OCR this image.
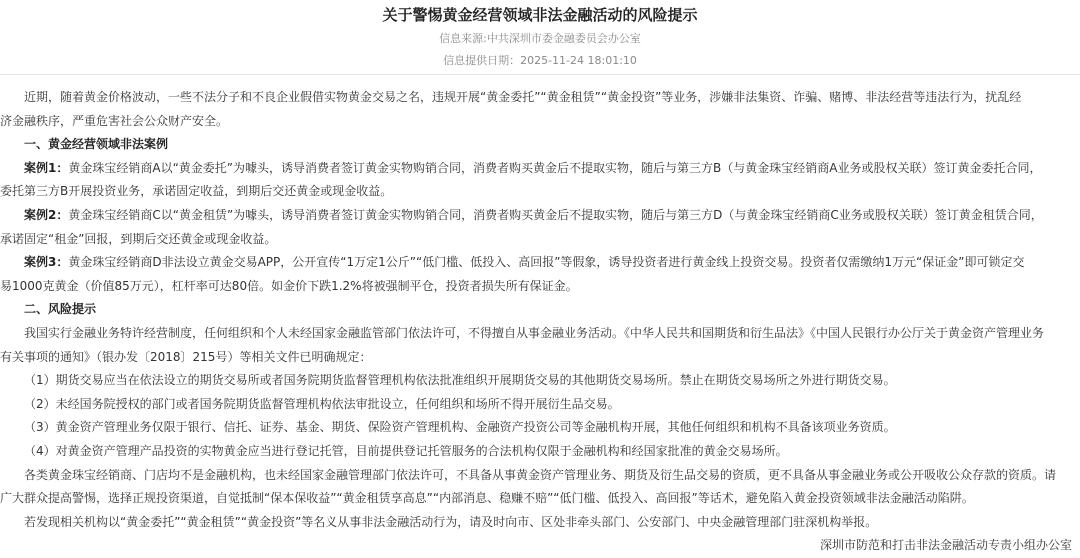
关于警惕黄金经营领域非法金融活动的风险提示
信息来源:中共深圳市委金融委员会办公室
信息提供日期：2025-11-24 18:01:10

近期，随着黄金价格波动，一些不法分子和不良企业假借实物黄金交易之名，违规开展“黄金委托”“黄金租赁”“黄金投资”等业务，涉嫌非法集资、诈骗、赌博、非法经营等违法行为，扰乱经

济金融秩序，严重危害社会公众财产安全。

一、黄金经营领域非法案例

案例1：黄金珠宝经销商A以“黄金委托”为噱头，诱导消费者签订黄金实物购销合同，消费者购买黄金后不提取实物，随后与第三方B（与黄金珠宝经销商A业务或股权关联）签订黄金委托合同，

委托第三方B开展投资业务，承诺固定收益，到期后交还黄金或现金收益。

案例2：黄金珠宝经销商C以“黄金租赁”为噱头，诱导消费者签订黄金实物购销合同，消费者购买黄金后不提取实物，随后与第三方D（与黄金珠宝经销商C业务或股权关联）签订黄金租赁合同，

承诺固定“租金”回报，到期后交还黄金或现金收益。

案例3：黄金珠宝经销商D非法设立黄金交易APP，公开宣传“1万定1公斤”“低门槛、低投入、高回报”等假象，诱导投资者进行黄金线上投资交易。投资者仅需缴纳1万元“保证金”即可锁定交

易1000克黄金（价值85万元），杠杆率可达80倍。如金价下跌1.2%将被强制平仓，投资者损失所有保证金。

二、风险提示

我国实行金融业务特许经营制度，任何组织和个人未经国家金融监管部门依法许可，不得擅自从事金融业务活动。《中华人民共和国期货和衍生品法》《中国人民银行办公厅关于黄金资产管理业务

有关事项的通知》（银办发〔2018〕215号）等相关文件已明确规定：

（1）期货交易应当在依法设立的期货交易所或者国务院期货监督管理机构依法批准组织开展期货交易的其他期货交易场所。禁止在期货交易场所之外进行期货交易。

（2）未经国务院授权的部门或者国务院期货监督管理机构依法审批设立，任何组织和场所不得开展衍生品交易。

（3）黄金资产管理业务仅限于银行、信托、证券、基金、期货、保险资产管理机构、金融资产投资公司等金融机构开展，其他任何组织和机构不具备该项业务资质。

（4）对黄金资产管理产品投资的实物黄金应当进行登记托管，目前提供登记托管服务的合法机构仅限于金融机构和经国家批准的黄金交易场所。

各类黄金珠宝经销商、门店均不是金融机构，也未经国家金融管理部门依法许可，不具备从事黄金资产管理业务、期货及衍生品交易的资质，更不具备从事金融业务或公开吸收公众存款的资质。请

广大群众提高警惕，选择正规投资渠道，自觉抵制“保本保收益”“黄金租赁享高息”“内部消息、稳赚不赔”“低门槛、低投入、高回报”等话术，避免陷入黄金投资领域非法金融活动陷阱。

若发现相关机构以“黄金委托”“黄金租赁”“黄金投资”等名义从事非法金融活动行为，请及时向市、区处非牵头部门、公安部门、中央金融管理部门驻深机构举报。

深圳市防范和打击非法金融活动专责小组办公室
